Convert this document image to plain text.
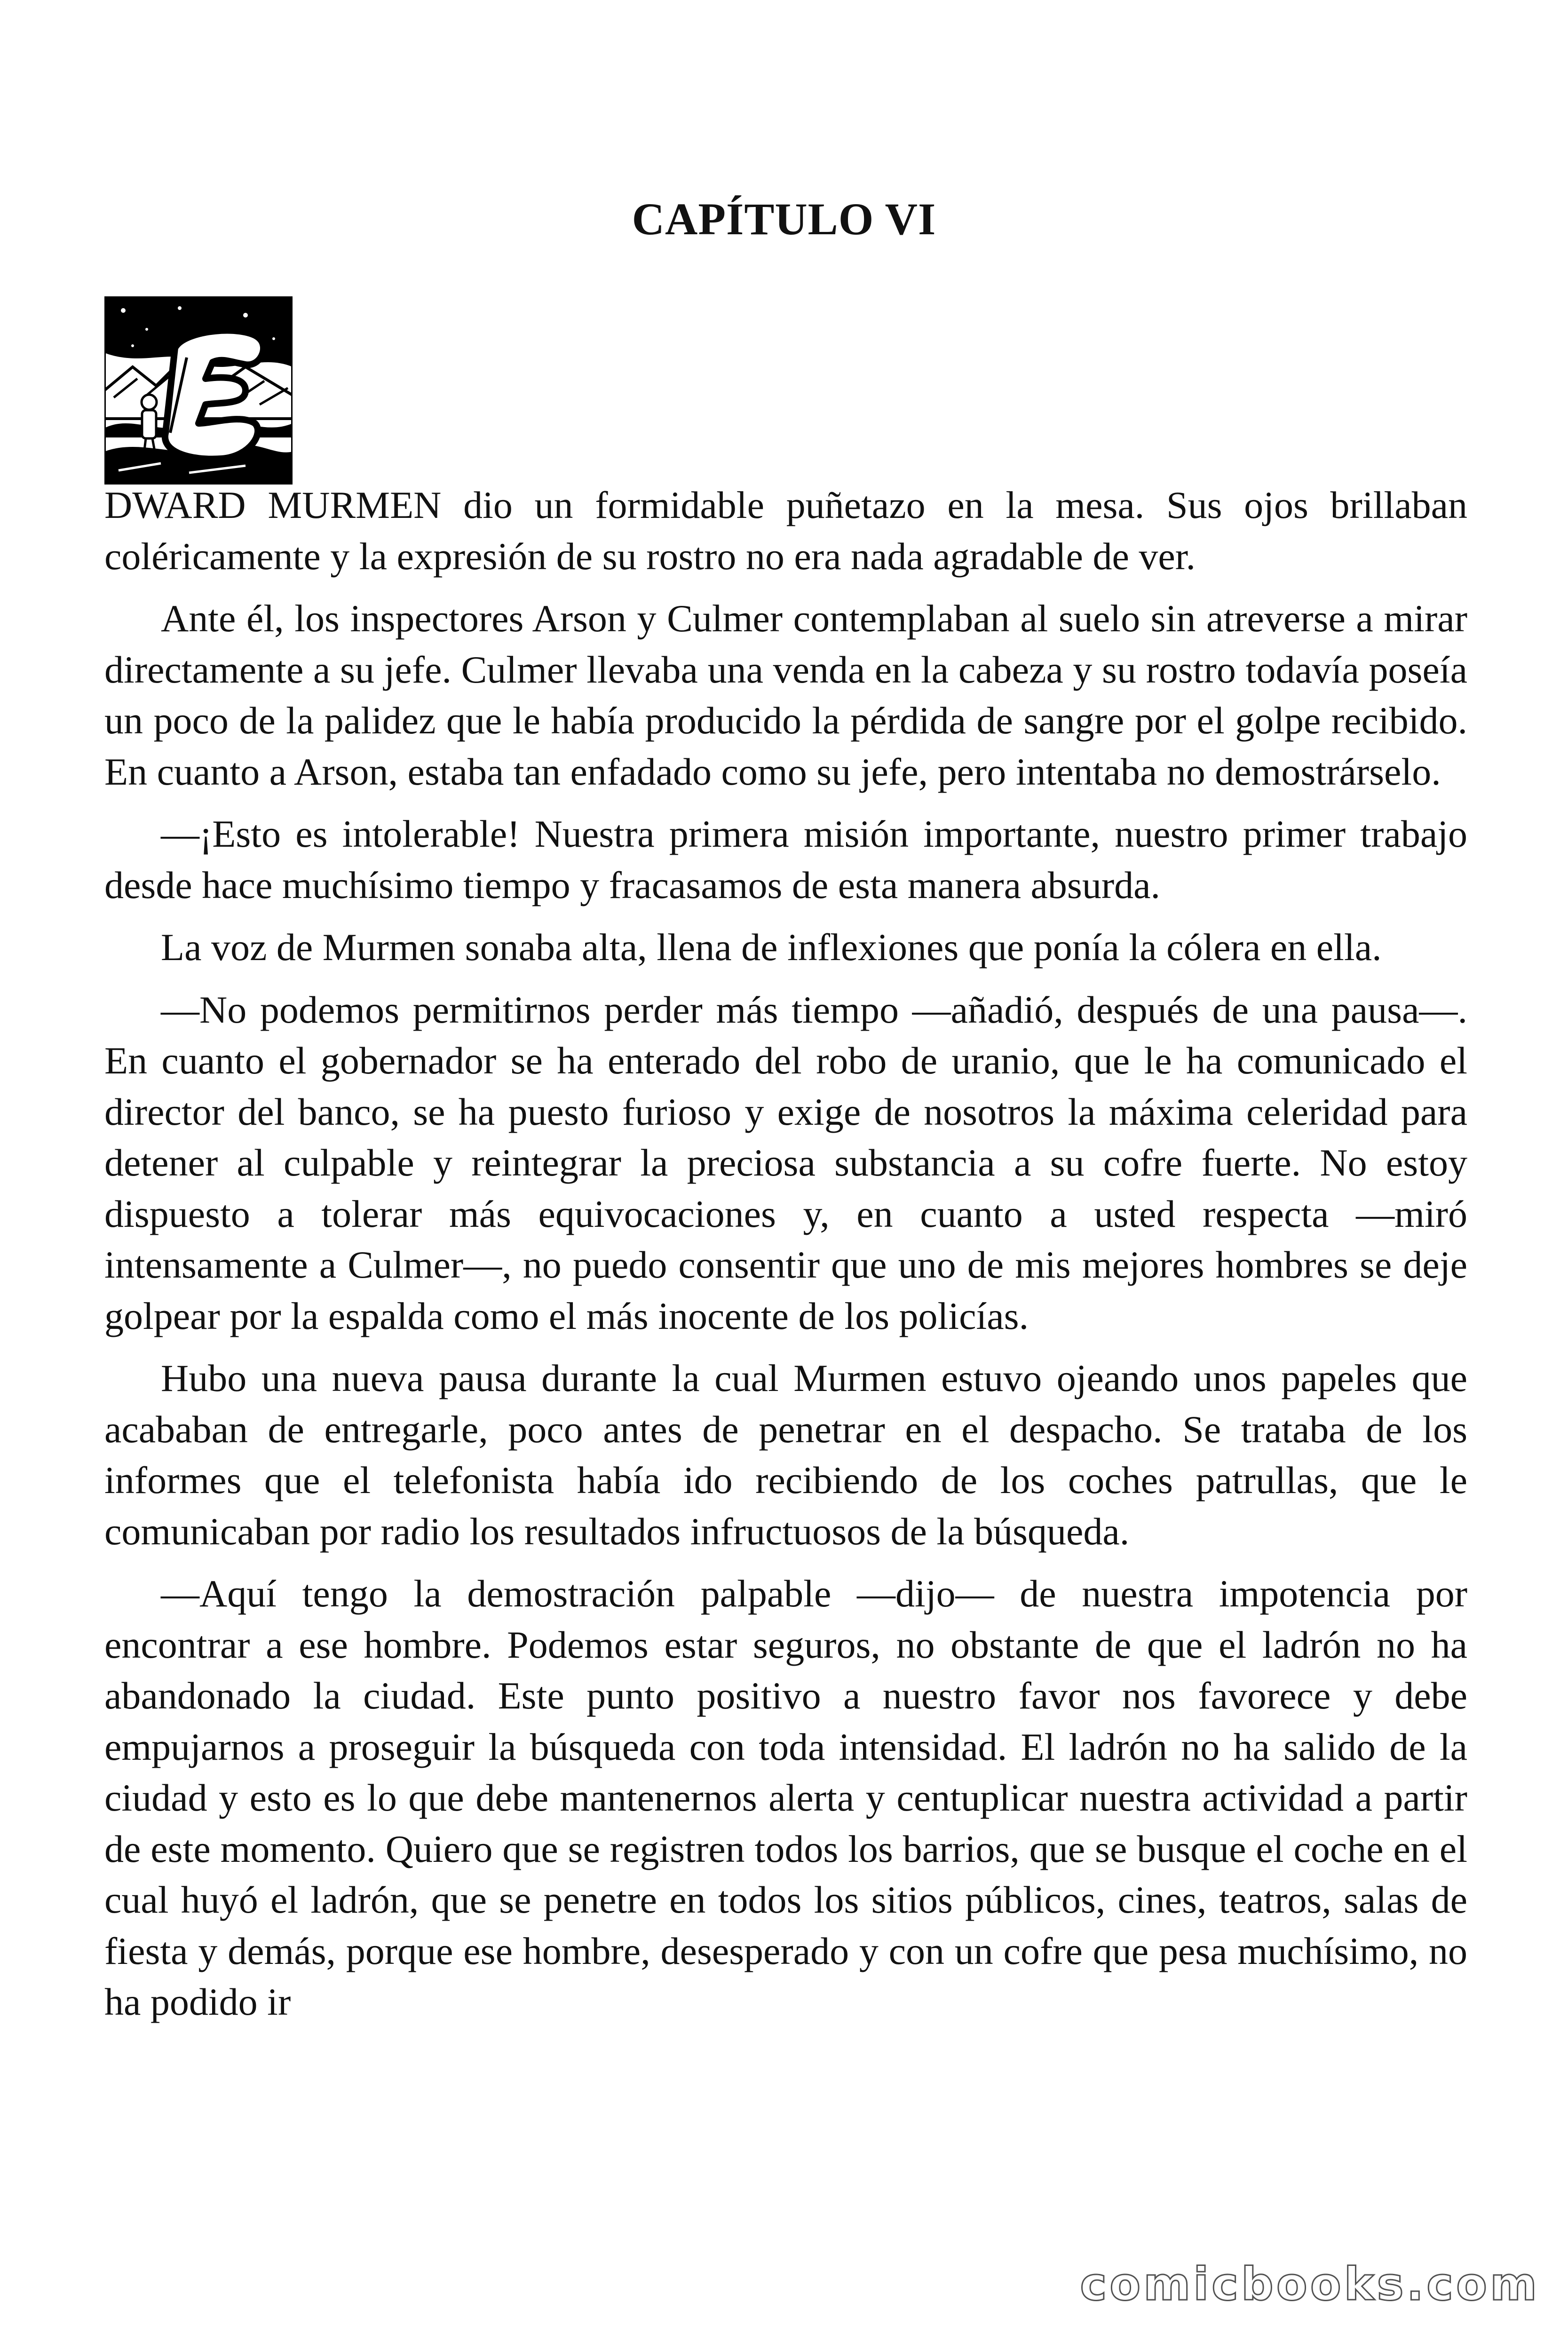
CAPÍTULO VI

DWARD MURMEN dio un formidable puñetazo en la mesa. Sus ojos brillaban coléricamente y la expresión de su rostro no era nada agradable de ver.

Ante él, los inspectores Arson y Culmer contemplaban al suelo sin atreverse a mirar directamente a su jefe. Culmer llevaba una venda en la cabeza y su rostro todavía poseía un poco de la palidez que le había producido la pérdida de sangre por el golpe recibido. En cuanto a Arson, estaba tan enfadado como su jefe, pero intentaba no demostrárselo.

—¡Esto es intolerable! Nuestra primera misión importante, nuestro primer trabajo desde hace muchísimo tiempo y fracasamos de esta manera absurda.

La voz de Murmen sonaba alta, llena de inflexiones que ponía la cólera en ella.

—No podemos permitirnos perder más tiempo —añadió, después de una pausa—. En cuanto el gobernador se ha enterado del robo de uranio, que le ha comunicado el director del banco, se ha puesto furioso y exige de nosotros la máxima celeridad para detener al culpable y reintegrar la preciosa substancia a su cofre fuerte. No estoy dispuesto a tolerar más equivocaciones y, en cuanto a usted respecta —miró intensamente a Culmer—, no puedo consentir que uno de mis mejores hombres se deje golpear por la espalda como el más inocente de los policías.

Hubo una nueva pausa durante la cual Murmen estuvo ojeando unos papeles que acababan de entregarle, poco antes de penetrar en el despacho. Se trataba de los informes que el telefonista había ido recibiendo de los coches patrullas, que le comunicaban por radio los resultados infructuosos de la búsqueda.

—Aquí tengo la demostración palpable —dijo— de nuestra impotencia por encontrar a ese hombre. Podemos estar seguros, no obstante de que el ladrón no ha abandonado la ciudad. Este punto positivo a nuestro favor nos favorece y debe empujarnos a proseguir la búsqueda con toda intensidad. El ladrón no ha salido de la ciudad y esto es lo que debe mantenernos alerta y centuplicar nuestra actividad a partir de este momento. Quiero que se registren todos los barrios, que se busque el coche en el cual huyó el ladrón, que se penetre en todos los sitios públicos, cines, teatros, salas de fiesta y demás, porque ese hombre, desesperado y con un cofre que pesa muchísimo, no ha podido ir

comicbooks.com
